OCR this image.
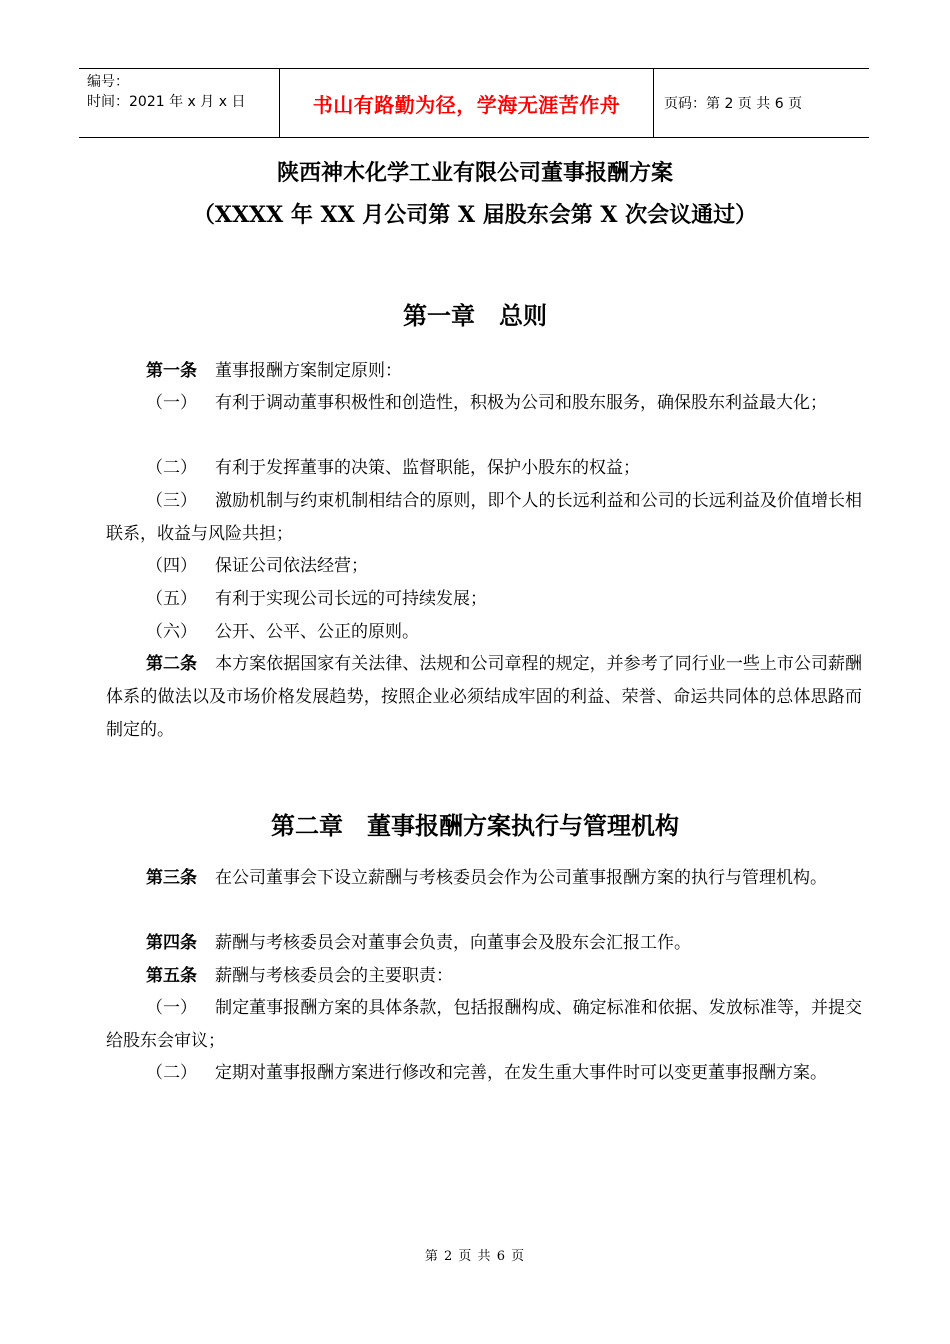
编号：
时间：2021 年 x 月 x 日	书山有路勤为径，学海无涯苦作舟	页码：第 2 页 共 6 页
陕西神木化学工业有限公司董事报酬方案
（XXXX 年 XX 月公司第 X 届股东会第 X 次会议通过）
第一章　总则
第一条 董事报酬方案制定原则：
（一） 有利于调动董事积极性和创造性，积极为公司和股东服务，确保股东利益最大化；
（二） 有利于发挥董事的决策、监督职能，保护小股东的权益；
（三） 激励机制与约束机制相结合的原则，即个人的长远利益和公司的长远利益及价值增长相联系，收益与风险共担；
（四） 保证公司依法经营；
（五） 有利于实现公司长远的可持续发展；
（六） 公开、公平、公正的原则。
第二条 本方案依据国家有关法律、法规和公司章程的规定，并参考了同行业一些上市公司薪酬体系的做法以及市场价格发展趋势，按照企业必须结成牢固的利益、荣誉、命运共同体的总体思路而制定的。
第二章　董事报酬方案执行与管理机构
第三条 在公司董事会下设立薪酬与考核委员会作为公司董事报酬方案的执行与管理机构。
第四条 薪酬与考核委员会对董事会负责，向董事会及股东会汇报工作。
第五条 薪酬与考核委员会的主要职责：
（一） 制定董事报酬方案的具体条款，包括报酬构成、确定标准和依据、发放标准等，并提交给股东会审议；
（二） 定期对董事报酬方案进行修改和完善，在发生重大事件时可以变更董事报酬方案。
第 2 页 共 6 页
